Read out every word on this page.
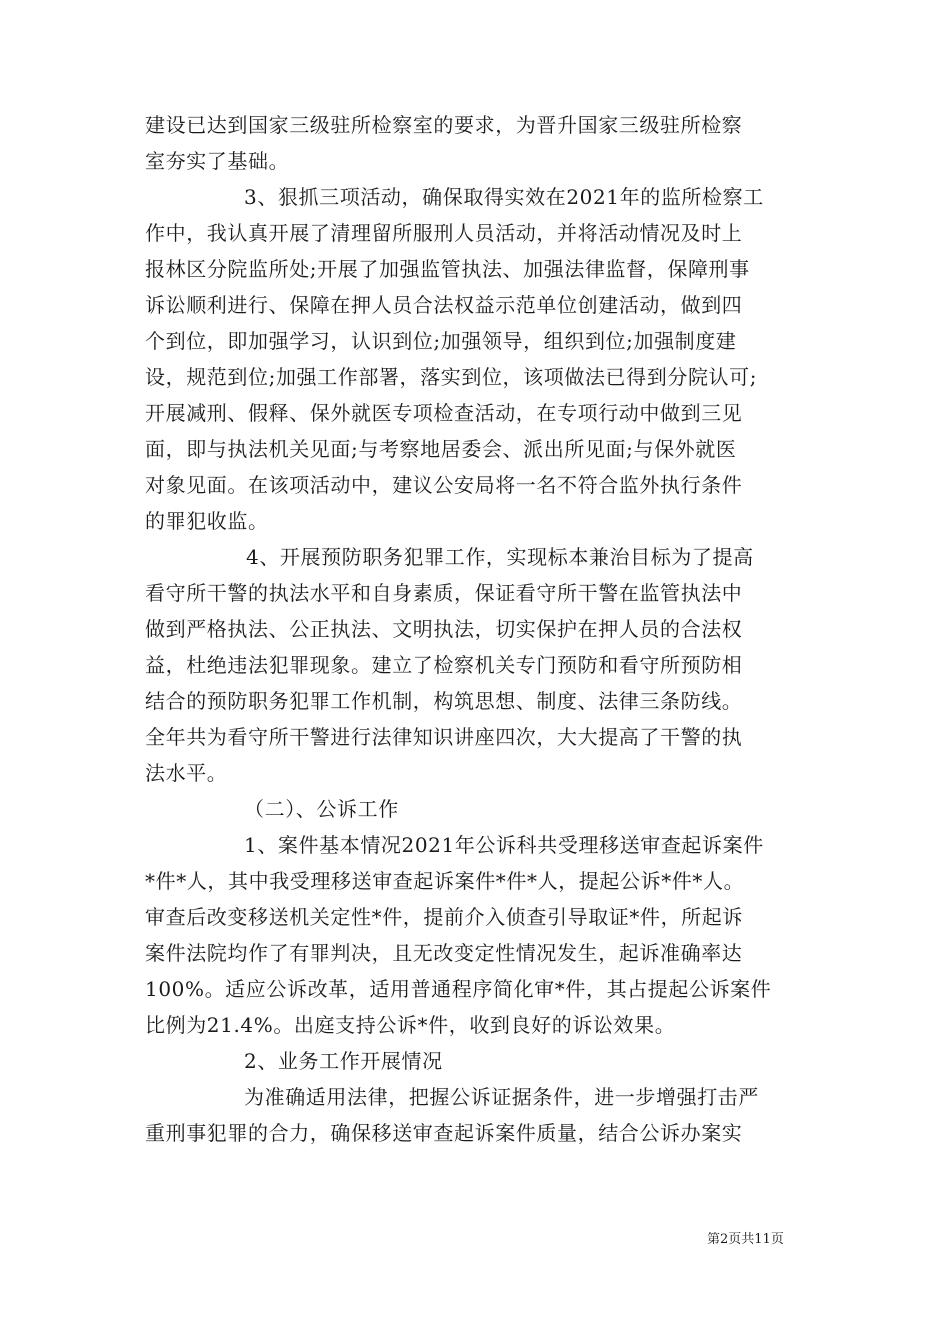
建设已达到国家三级驻所检察室的要求，为晋升国家三级驻所检察
室夯实了基础。
3、狠抓三项活动，确保取得实效在2021年的监所检察工
作中，我认真开展了清理留所服刑人员活动，并将活动情况及时上
报林区分院监所处;开展了加强监管执法、加强法律监督，保障刑事
诉讼顺利进行、保障在押人员合法权益示范单位创建活动，做到四
个到位，即加强学习，认识到位;加强领导，组织到位;加强制度建
设，规范到位;加强工作部署，落实到位，该项做法已得到分院认可;
开展减刑、假释、保外就医专项检查活动，在专项行动中做到三见
面，即与执法机关见面;与考察地居委会、派出所见面;与保外就医
对象见面。在该项活动中，建议公安局将一名不符合监外执行条件
的罪犯收监。
4、开展预防职务犯罪工作，实现标本兼治目标为了提高
看守所干警的执法水平和自身素质，保证看守所干警在监管执法中
做到严格执法、公正执法、文明执法，切实保护在押人员的合法权
益，杜绝违法犯罪现象。建立了检察机关专门预防和看守所预防相
结合的预防职务犯罪工作机制，构筑思想、制度、法律三条防线。
全年共为看守所干警进行法律知识讲座四次，大大提高了干警的执
法水平。
（二）、公诉工作
1、案件基本情况2021年公诉科共受理移送审查起诉案件
*件*人，其中我受理移送审查起诉案件*件*人，提起公诉*件*人。
审查后改变移送机关定性*件，提前介入侦查引导取证*件，所起诉
案件法院均作了有罪判决，且无改变定性情况发生，起诉准确率达
100%。适应公诉改革，适用普通程序简化审*件，其占提起公诉案件
比例为21.4%。出庭支持公诉*件，收到良好的诉讼效果。
2、业务工作开展情况
为准确适用法律，把握公诉证据条件，进一步增强打击严
重刑事犯罪的合力，确保移送审查起诉案件质量，结合公诉办案实
第2页共11页
